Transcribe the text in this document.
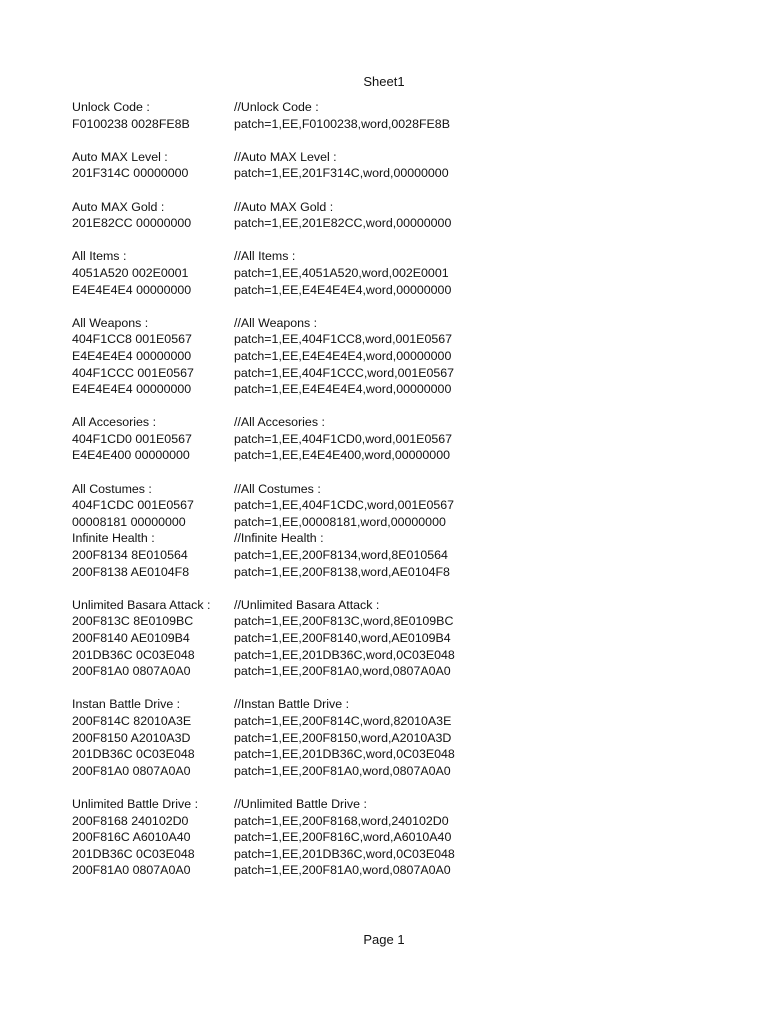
Sheet1
Unlock Code :	//Unlock Code :
F0100238 0028FE8B	patch=1,EE,F0100238,word,0028FE8B
Auto MAX Level :	//Auto MAX Level :
201F314C 00000000	patch=1,EE,201F314C,word,00000000
Auto MAX Gold :	//Auto MAX Gold :
201E82CC 00000000	patch=1,EE,201E82CC,word,00000000
All Items :	//All Items :
4051A520 002E0001	patch=1,EE,4051A520,word,002E0001
E4E4E4E4 00000000	patch=1,EE,E4E4E4E4,word,00000000
All Weapons :	//All Weapons :
404F1CC8 001E0567	patch=1,EE,404F1CC8,word,001E0567
E4E4E4E4 00000000	patch=1,EE,E4E4E4E4,word,00000000
404F1CCC 001E0567	patch=1,EE,404F1CCC,word,001E0567
E4E4E4E4 00000000	patch=1,EE,E4E4E4E4,word,00000000
All Accesories :	//All Accesories :
404F1CD0 001E0567	patch=1,EE,404F1CD0,word,001E0567
E4E4E400 00000000	patch=1,EE,E4E4E400,word,00000000
All Costumes :	//All Costumes :
404F1CDC 001E0567	patch=1,EE,404F1CDC,word,001E0567
00008181 00000000	patch=1,EE,00008181,word,00000000
Infinite Health :	//Infinite Health :
200F8134 8E010564	patch=1,EE,200F8134,word,8E010564
200F8138 AE0104F8	patch=1,EE,200F8138,word,AE0104F8
Unlimited Basara Attack :	//Unlimited Basara Attack :
200F813C 8E0109BC	patch=1,EE,200F813C,word,8E0109BC
200F8140 AE0109B4	patch=1,EE,200F8140,word,AE0109B4
201DB36C 0C03E048	patch=1,EE,201DB36C,word,0C03E048
200F81A0 0807A0A0	patch=1,EE,200F81A0,word,0807A0A0
Instan Battle Drive :	//Instan Battle Drive :
200F814C 82010A3E	patch=1,EE,200F814C,word,82010A3E
200F8150 A2010A3D	patch=1,EE,200F8150,word,A2010A3D
201DB36C 0C03E048	patch=1,EE,201DB36C,word,0C03E048
200F81A0 0807A0A0	patch=1,EE,200F81A0,word,0807A0A0
Unlimited Battle Drive :	//Unlimited Battle Drive :
200F8168 240102D0	patch=1,EE,200F8168,word,240102D0
200F816C A6010A40	patch=1,EE,200F816C,word,A6010A40
201DB36C 0C03E048	patch=1,EE,201DB36C,word,0C03E048
200F81A0 0807A0A0	patch=1,EE,200F81A0,word,0807A0A0
Page 1
